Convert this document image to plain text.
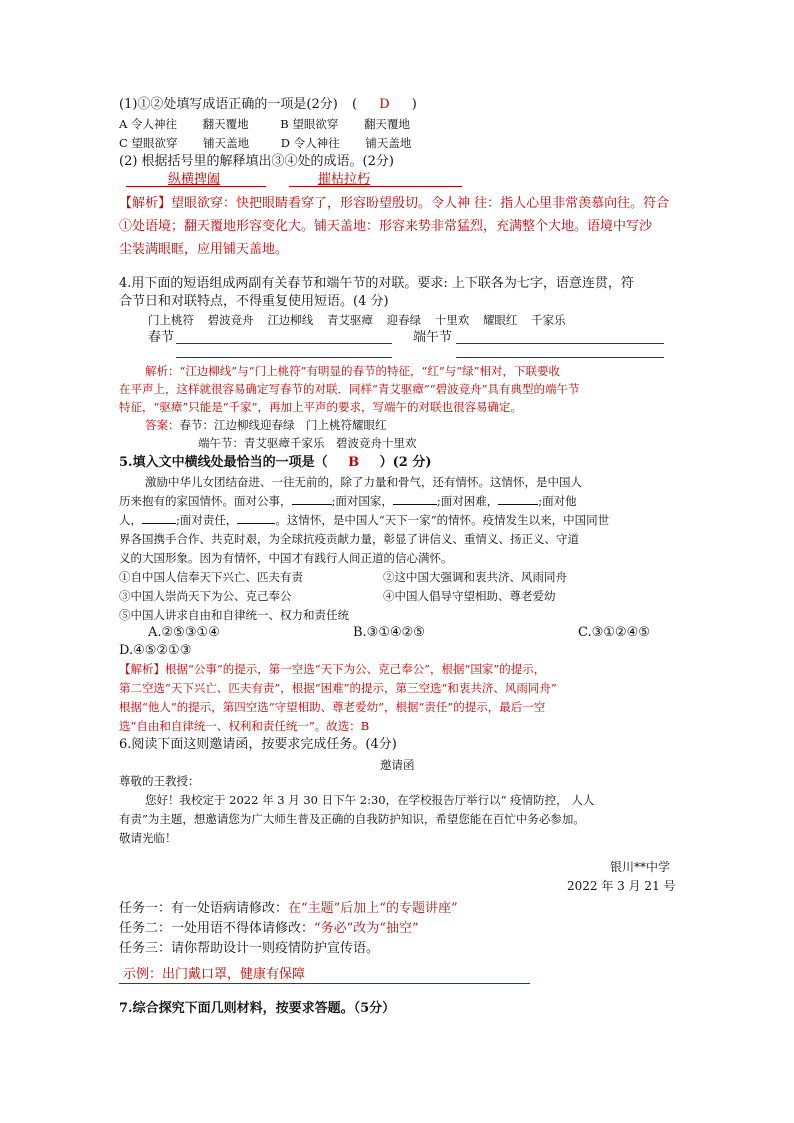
(1)①②处填写成语正确的一项是(2分) ( D )
A 令人神往 翻天覆地	B 望眼欲穿 翻天覆地
C 望眼欲穿 铺天盖地	D 令人神往 铺天盖地
(2) 根据括号里的解释填出③④处的成语。(2分)
纵横捭阖	摧枯拉朽
【解析】望眼欲穿：快把眼睛看穿了，形容盼望殷切。令人神 往：指人心里非常羡慕向往。符合
①处语境；翻天覆地形容变化大。铺天盖地：形容来势非常猛烈，充满整个大地。语境中写沙
尘装满眼眶，应用铺天盖地。
4.用下面的短语组成两副有关春节和端午节的对联。要求: 上下联各为七字，语意连贯，符
合节日和对联特点，不得重复使用短语。(4 分)
门上桃符 碧波竞舟 江边柳线 青艾驱瘴 迎春绿 十里欢 耀眼红 千家乐
春节	端午节
解析：“江边柳线”与“门上桃符”有明显的春节的特征，“红”与“绿”相对，下联要收
在平声上，这样就很容易确定写春节的对联．同样“青艾驱瘴”“碧波竞舟”具有典型的端午节
特征，“驱瘴”只能是“千家”，再加上平声的要求，写端午的对联也很容易确定。
答案：春节：江边柳线迎春绿　门上桃符耀眼红
端午节：青艾驱瘴千家乐　碧波竞舟十里欢
5.填入文中横线处最恰当的一项是（ B ）(2 分)
激励中华儿女团结奋进、一往无前的，除了力量和骨气，还有情怀。这情怀，是中国人
历来抱有的家国情怀。面对公事，	;面对国家，	;面对困难，	;面对他
人，	;面对责任，	。这情怀，是中国人“天下一家”的情怀。疫情发生以来，中国同世
界各国携手合作、共克时艰，为全球抗疫贡献力量，彰显了讲信义、重情义、扬正义、守道
义的大国形象。因为有情怀，中国才有践行人间正道的信心满怀。
①自中国人信奉天下兴亡、匹夫有责	②这中国大强调和衷共济、风雨同舟
③中国人崇尚天下为公、克己奉公	④中国人倡导守望相助、尊老爱幼
⑤中国人讲求自由和自律统一、权力和责任统
A.②⑤③①④	B.③①④②⑤	C.③①②④⑤
D.④⑤②①③
【解析】根据“公事”的提示，第一空选“天下为公、克己奉公”，根据“国家”的提示，
第二空选“天下兴亡、匹夫有责”，根据“困难”的提示，第三空选“和衷共济、风雨同舟”
根据“他人”的提示，第四空选“守望相助、尊老爱幼”，根据“责任”的提示，最后一空
选“自由和自律统一、权利和责任统一”。故选：B
6.阅读下面这则邀请函，按要求完成任务。(4分)
邀请函
尊敬的王教授：
您好！我校定于 2022 年 3 月 30 日下午 2:30，在学校报告厅举行以“ 疫情防控， 人人
有责”为主题，想邀请您为广大师生普及正确的自我防护知识，希望您能在百忙中务必参加。
敬请光临！
银川**中学
2022 年 3 月 21 号
任务一：有一处语病请修改：在“主题”后加上“的专题讲座”
任务二：一处用语不得体请修改：“务必”改为“抽空”
任务三：请你帮助设计一则疫情防护宣传语。
示例：出门戴口罩，健康有保障
7.综合探究下面几则材料，按要求答题。（5分）
